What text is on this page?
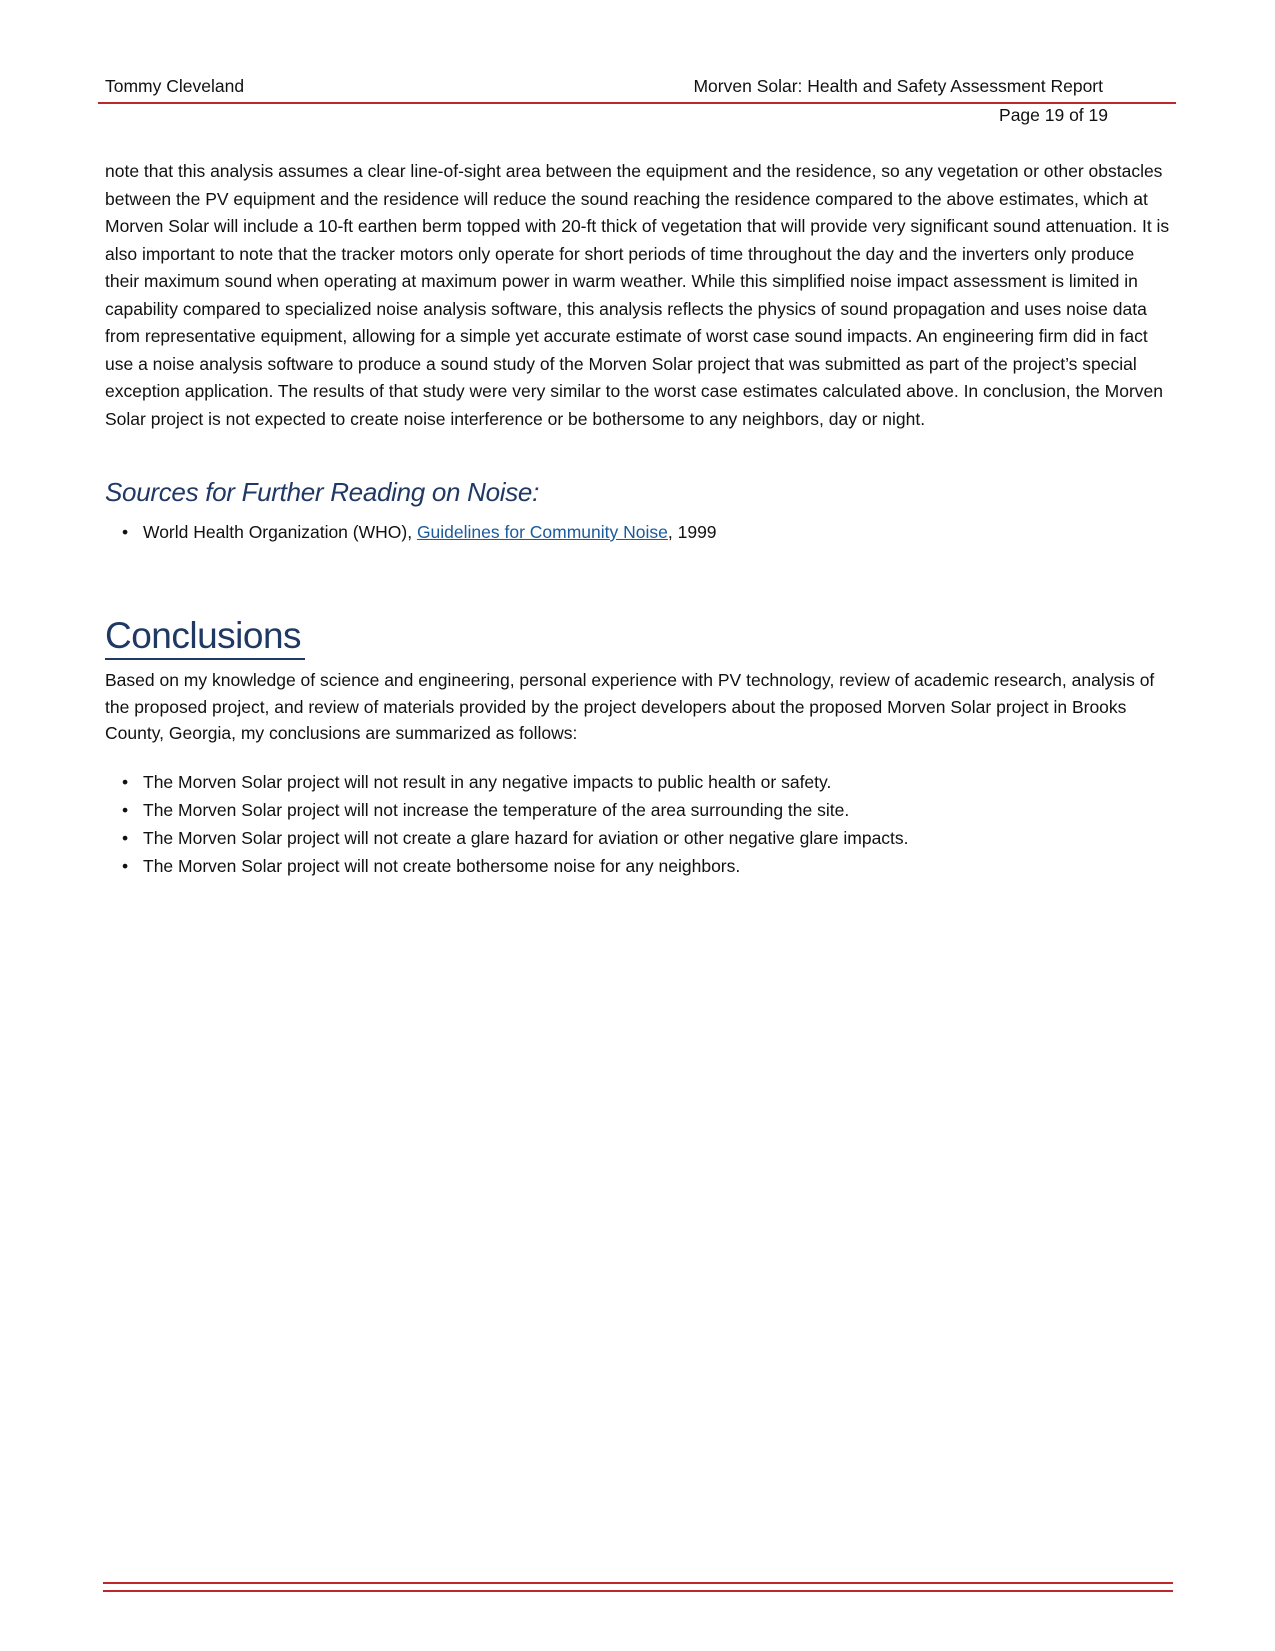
Tommy Cleveland	Morven Solar: Health and Safety Assessment Report
Page 19 of 19

note that this analysis assumes a clear line-of-sight area between the equipment and the residence, so any vegetation or other obstacles between the PV equipment and the residence will reduce the sound reaching the residence compared to the above estimates, which at Morven Solar will include a 10-ft earthen berm topped with 20-ft thick of vegetation that will provide very significant sound attenuation. It is also important to note that the tracker motors only operate for short periods of time throughout the day and the inverters only produce their maximum sound when operating at maximum power in warm weather. While this simplified noise impact assessment is limited in capability compared to specialized noise analysis software, this analysis reflects the physics of sound propagation and uses noise data from representative equipment, allowing for a simple yet accurate estimate of worst case sound impacts. An engineering firm did in fact use a noise analysis software to produce a sound study of the Morven Solar project that was submitted as part of the project’s special exception application. The results of that study were very similar to the worst case estimates calculated above. In conclusion, the Morven Solar project is not expected to create noise interference or be bothersome to any neighbors, day or night.

Sources for Further Reading on Noise:
• World Health Organization (WHO), Guidelines for Community Noise, 1999
Conclusions

Based on my knowledge of science and engineering, personal experience with PV technology, review of academic research, analysis of the proposed project, and review of materials provided by the project developers about the proposed Morven Solar project in Brooks County, Georgia, my conclusions are summarized as follows:

• The Morven Solar project will not result in any negative impacts to public health or safety.
• The Morven Solar project will not increase the temperature of the area surrounding the site.
• The Morven Solar project will not create a glare hazard for aviation or other negative glare impacts.
• The Morven Solar project will not create bothersome noise for any neighbors.
